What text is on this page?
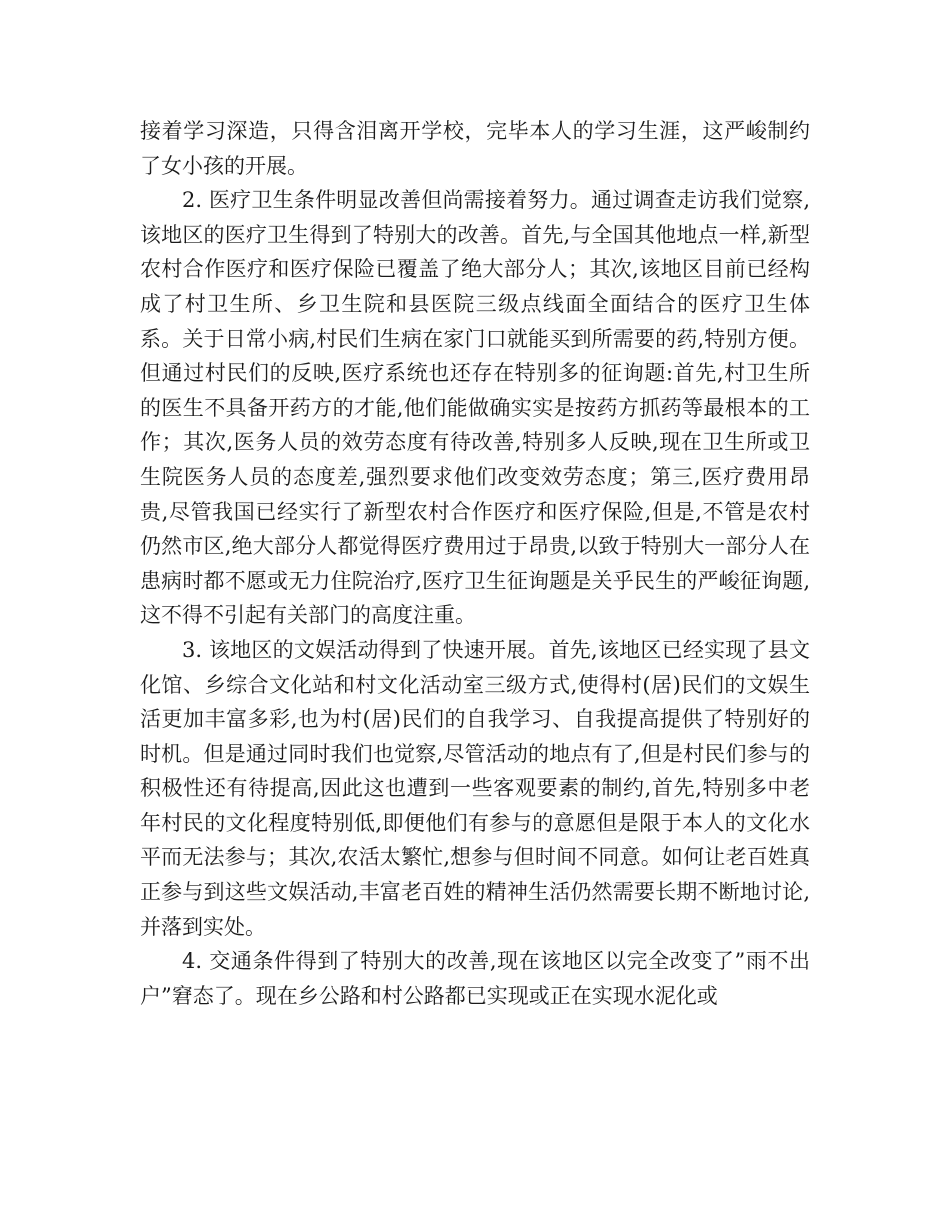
接着学习深造，只得含泪离开学校，完毕本人的学习生涯，这严峻制约了女小孩的开展。

2. 医疗卫生条件明显改善但尚需接着努力。通过调查走访我们觉察,该地区的医疗卫生得到了特别大的改善。首先,与全国其他地点一样,新型农村合作医疗和医疗保险已覆盖了绝大部分人；其次,该地区目前已经构成了村卫生所、乡卫生院和县医院三级点线面全面结合的医疗卫生体系。关于日常小病,村民们生病在家门口就能买到所需要的药,特别方便。但通过村民们的反映,医疗系统也还存在特别多的征询题:首先,村卫生所的医生不具备开药方的才能,他们能做确实实是按药方抓药等最根本的工作；其次,医务人员的效劳态度有待改善,特别多人反映,现在卫生所或卫生院医务人员的态度差,强烈要求他们改变效劳态度；第三,医疗费用昂贵,尽管我国已经实行了新型农村合作医疗和医疗保险,但是,不管是农村仍然市区,绝大部分人都觉得医疗费用过于昂贵,以致于特别大一部分人在患病时都不愿或无力住院治疗,医疗卫生征询题是关乎民生的严峻征询题,这不得不引起有关部门的高度注重。

3. 该地区的文娱活动得到了快速开展。首先,该地区已经实现了县文化馆、乡综合文化站和村文化活动室三级方式,使得村(居)民们的文娱生活更加丰富多彩,也为村(居)民们的自我学习、自我提高提供了特别好的时机。但是通过同时我们也觉察,尽管活动的地点有了,但是村民们参与的积极性还有待提高,因此这也遭到一些客观要素的制约,首先,特别多中老年村民的文化程度特别低,即便他们有参与的意愿但是限于本人的文化水平而无法参与；其次,农活太繁忙,想参与但时间不同意。如何让老百姓真正参与到这些文娱活动,丰富老百姓的精神生活仍然需要长期不断地讨论,并落到实处。

4. 交通条件得到了特别大的改善,现在该地区以完全改变了”雨不出户”窘态了。现在乡公路和村公路都已实现或正在实现水泥化或
